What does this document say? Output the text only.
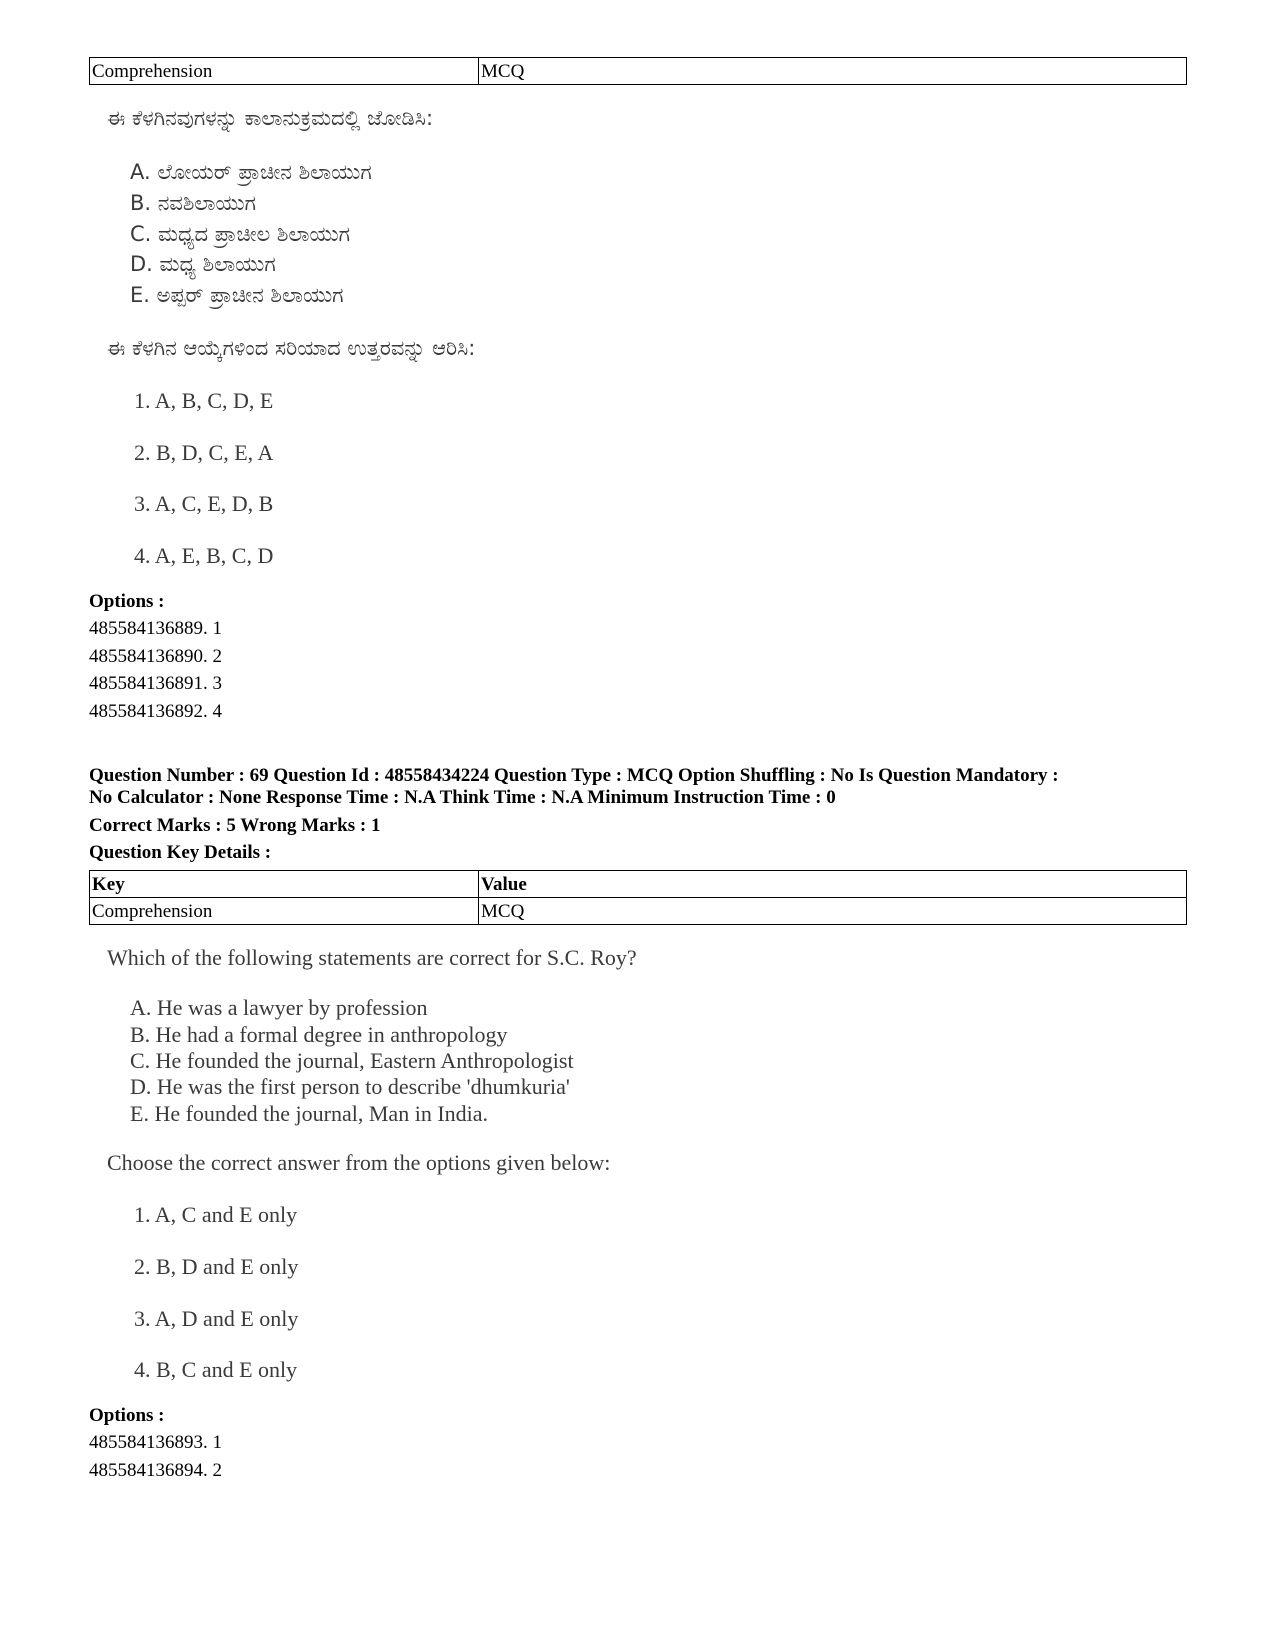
Comprehension	MCQ
ಈ ಕೆಳಗಿನವುಗಳನ್ನು ಕಾಲಾನುಕ್ರಮದಲ್ಲಿ ಜೋಡಿಸಿ:
A. ಲೋಯರ್ ಪ್ರಾಚೀನ ಶಿಲಾಯುಗ
B. ನವಶಿಲಾಯುಗ
C. ಮಧ್ಯದ ಪ್ರಾಚೀಲ ಶಿಲಾಯುಗ
D. ಮಧ್ಯ ಶಿಲಾಯುಗ
E. ಅಪ್ಪರ್ ಪ್ರಾಚೀನ ಶಿಲಾಯುಗ
ಈ ಕೆಳಗಿನ ಆಯ್ಕೆಗಳಿಂದ ಸರಿಯಾದ ಉತ್ತರವನ್ನು ಆರಿಸಿ:
1. A, B, C, D, E
2. B, D, C, E, A
3. A, C, E, D, B
4. A, E, B, C, D
Options :
485584136889. 1
485584136890. 2
485584136891. 3
485584136892. 4
Question Number : 69 Question Id : 48558434224 Question Type : MCQ Option Shuffling : No Is Question Mandatory :
No Calculator : None Response Time : N.A Think Time : N.A Minimum Instruction Time : 0
Correct Marks : 5 Wrong Marks : 1
Question Key Details :
Key	Value
Comprehension	MCQ
Which of the following statements are correct for S.C. Roy?
A. He was a lawyer by profession
B. He had a formal degree in anthropology
C. He founded the journal, Eastern Anthropologist
D. He was the first person to describe 'dhumkuria'
E. He founded the journal, Man in India.
Choose the correct answer from the options given below:
1. A, C and E only
2. B, D and E only
3. A, D and E only
4. B, C and E only
Options :
485584136893. 1
485584136894. 2
